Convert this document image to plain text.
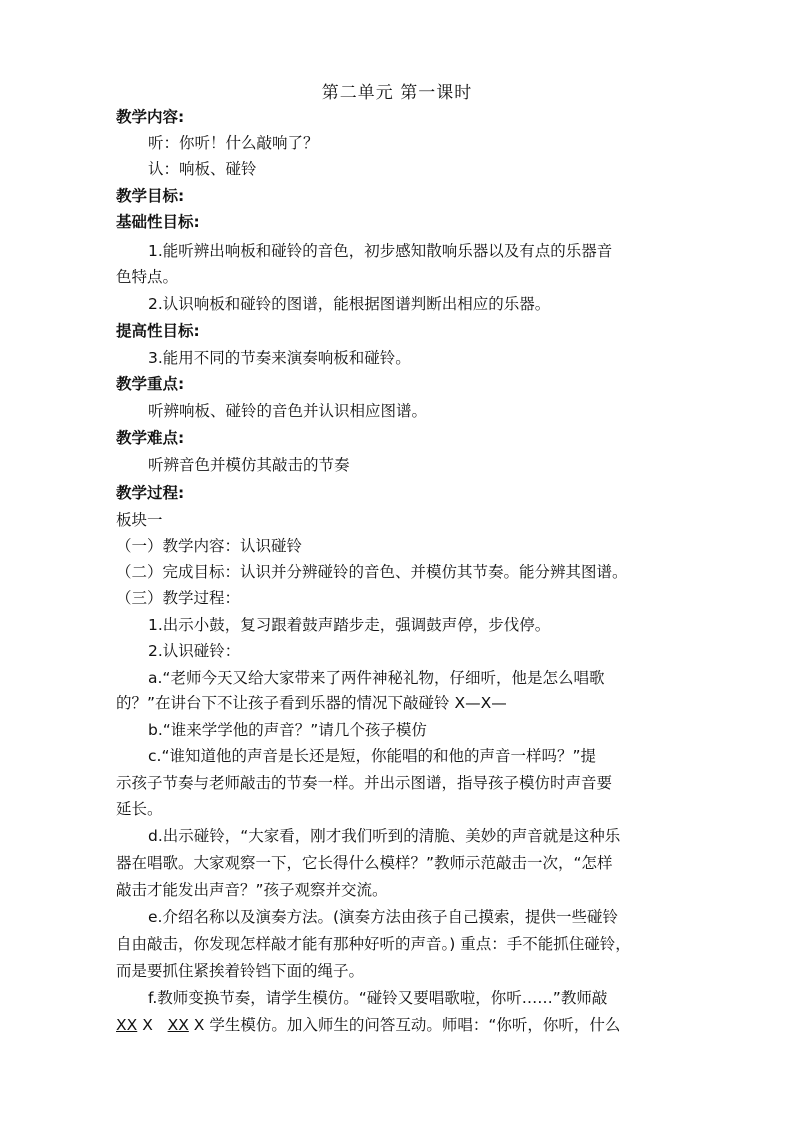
第二单元 第一课时
教学内容:
听：你听！什么敲响了？
认：响板、碰铃
教学目标:
基础性目标:
1.能听辨出响板和碰铃的音色，初步感知散响乐器以及有点的乐器音
色特点。
2.认识响板和碰铃的图谱，能根据图谱判断出相应的乐器。
提高性目标:
3.能用不同的节奏来演奏响板和碰铃。
教学重点:
听辨响板、碰铃的音色并认识相应图谱。
教学难点:
听辨音色并模仿其敲击的节奏
教学过程:
板块一
（一）教学内容：认识碰铃
（二）完成目标：认识并分辨碰铃的音色、并模仿其节奏。能分辨其图谱。
（三）教学过程：
1.出示小鼓，复习跟着鼓声踏步走，强调鼓声停，步伐停。
2.认识碰铃：
a.“老师今天又给大家带来了两件神秘礼物，仔细听，他是怎么唱歌
的？”在讲台下不让孩子看到乐器的情况下敲碰铃 X—X—
b.“谁来学学他的声音？”请几个孩子模仿
c.“谁知道他的声音是长还是短，你能唱的和他的声音一样吗？”提
示孩子节奏与老师敲击的节奏一样。并出示图谱，指导孩子模仿时声音要
延长。
d.出示碰铃，“大家看，刚才我们听到的清脆、美妙的声音就是这种乐
器在唱歌。大家观察一下，它长得什么模样？”教师示范敲击一次，“怎样
敲击才能发出声音？”孩子观察并交流。
e.介绍名称以及演奏方法。(演奏方法由孩子自己摸索，提供一些碰铃
自由敲击，你发现怎样敲才能有那种好听的声音。) 重点：手不能抓住碰铃，
而是要抓住紧挨着铃铛下面的绳子。
f.教师变换节奏，请学生模仿。“碰铃又要唱歌啦，你听……”教师敲
XX X XX X 学生模仿。加入师生的问答互动。师唱：“你听，你听，什么
